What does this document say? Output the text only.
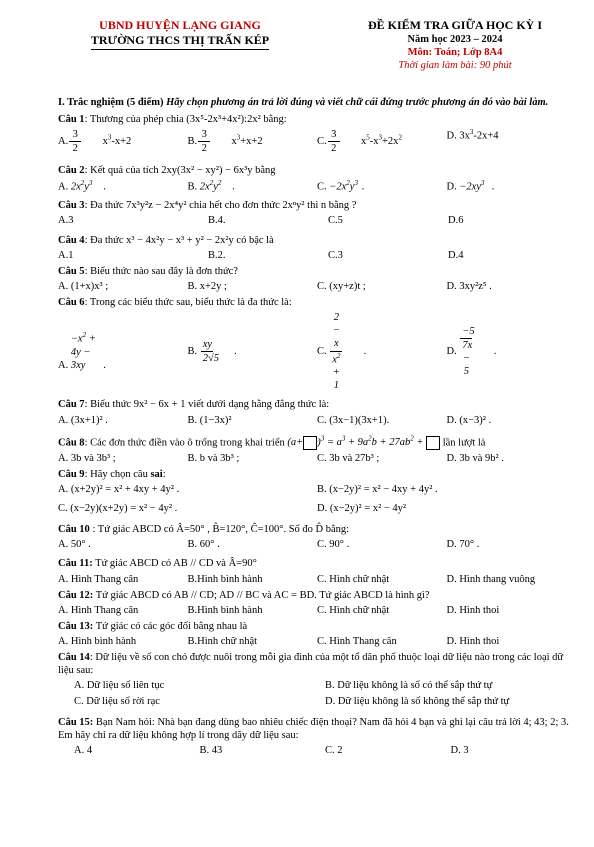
UBND HUYỆN LẠNG GIANG
TRƯỜNG THCS THỊ TRẤN KÉP
ĐỀ KIỂM TRA GIỮA HỌC KỲ I
Năm học 2023 – 2024
Môn: Toán; Lớp 8A4
Thời gian làm bài: 90 phút
I. Trắc nghiệm (5 điểm) Hãy chọn phương án trả lời đúng và viết chữ cái đứng trước phương án đó vào bài làm.
Câu 1: Thương của phép chia (3x⁵-2x³+4x²):2x² bằng:
A. $\frac{3}{2} x^3-x+2$	B. $\frac{3}{2} x^3+x+2$	C. $\frac{3}{2} x^5-x^3+2x^2$	D. $3x^3-2x+4$
Câu 2: Kết quả của tích 2xy(3x² − xy²) − 6x³y bằng
A. $2x^2y^3$ .	B. $2x^2y^2$ .	C. $-2x^2y^3$ .	D. $-2xy^3$ .
Câu 3: Đa thức 7x³y²z − 2x⁴y² chia hết cho đơn thức 2xⁿy² thì n bằng ?
A.3	B.4.	C.5	D.6
Câu 4: Đa thức x³ − 4x²y − x³ + y² − 2x²y có bậc là
A.1	B.2.	C.3	D.4
Câu 5: Biểu thức nào sau đây là đơn thức?
A. (1+x)x³ ;	B. x+2y ;	C. (xy+z)t ;	D. 3xy²z⁵ .
Câu 6: Trong các biểu thức sau, biểu thức là đa thức là:
A. $-x^2 + 4y - 3xy$ .
B. $\frac{xy}{2√5}$ .	C. $\frac{2 - x}{x^2 + 1}$ .	D. $\frac{-5}{7x - 5}$ .
Câu 7: Biểu thức 9x² − 6x + 1 viết dưới dạng hằng đẳng thức là:
A. (3x+1)² .	B. (1−3x)²	C. (3x−1)(3x+1).	D. (x−3)² .
Câu 8: Các đơn thức điền vào ô trống trong khai triển $(a+ )^3 = a^3 + 9a^2b + 27ab^2$ +  lần lượt là
A. 3b và 3b³ ;	B. b và 3b³ ;	C. 3b và 27b³ ;	D. 3b và 9b² .
Câu 9: Hãy chọn câu sai:
A. (x+2y)² = x² + 4xy + 4y² .	B. (x−2y)² = x² − 4xy + 4y² .
C. (x−2y)(x+2y) = x² − 4y² .	D. (x−2y)² = x² − 4y²
Câu 10 : Tứ giác ABCD có Â=50° , B̂=120°, Ĉ=100°. Số đo D̂ bằng:
A. 50° .	B. 60° .	C. 90° .	D. 70° .
Câu 11: Tứ giác ABCD có AB // CD và Â=90°
A. Hình Thang cân	B.Hình bình hành	C. Hình chữ nhật	D. Hình thang vuông
Câu 12: Tứ giác ABCD có AB // CD; AD // BC và AC = BD. Tứ giác ABCD là hình gì?
A. Hình Thang cân	B.Hình bình hành	C. Hình chữ nhật	D. Hình thoi
Câu 13: Tứ giác có các góc đối bằng nhau là
A. Hình bình hành	B.Hình chữ nhật	C. Hình Thang cân	D. Hình thoi
Câu 14: Dữ liệu về số con chó được nuôi trong mỗi gia đình của một tổ dân phố thuộc loại dữ liệu nào trong các loại dữ liệu sau:
A. Dữ liệu số liên tục	B. Dữ liệu không là số có thể sắp thứ tự
C. Dữ liệu số rời rạc	D. Dữ liệu không là số không thể sắp thứ tự
Câu 15: Bạn Nam hỏi: Nhà bạn đang dùng bao nhiêu chiếc điện thoại? Nam đã hỏi 4 bạn và ghi lại câu trả lời 4; 43; 2; 3. Em hãy chỉ ra dữ liệu không hợp lí trong dãy dữ liệu sau:
A. 4	B. 43	C. 2	D. 3
